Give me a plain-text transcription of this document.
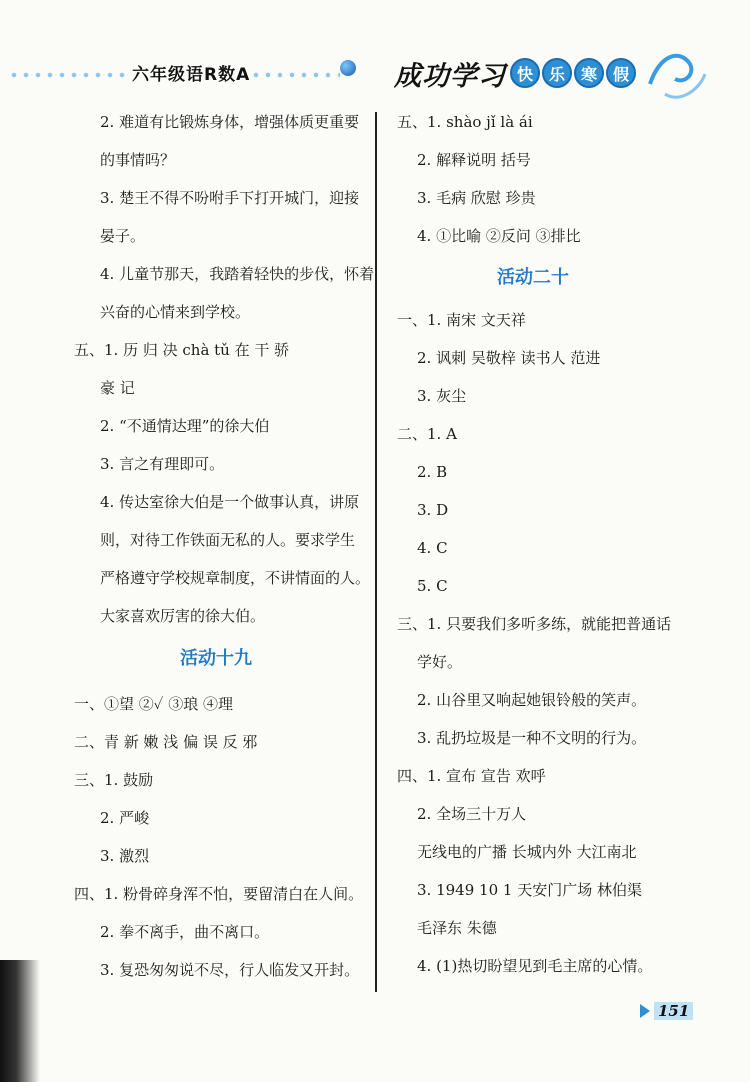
六年级语R数A	成功学习 快 乐 寒 假
2. 难道有比锻炼身体，增强体质更重要
的事情吗？
3. 楚王不得不吩咐手下打开城门，迎接
晏子。
4. 儿童节那天，我踏着轻快的步伐，怀着
兴奋的心情来到学校。
五、1. 历 归 决 chà tǔ 在 干 骄
豪 记
2. “不通情达理”的徐大伯
3. 言之有理即可。
4. 传达室徐大伯是一个做事认真，讲原
则，对待工作铁面无私的人。要求学生
严格遵守学校规章制度，不讲情面的人。
大家喜欢厉害的徐大伯。
活动十九
一、①望 ②✓ ③琅 ④理
二、青 新 嫩 浅 偏 误 反 邪
三、1. 鼓励
2. 严峻
3. 激烈
四、1. 粉骨碎身浑不怕，要留清白在人间。
2. 拳不离手，曲不离口。
3. 复恐匆匆说不尽，行人临发又开封。
五、1. shào jǐ là ái
2. 解释说明 括号
3. 毛病 欣慰 珍贵
4. ①比喻 ②反问 ③排比
活动二十
一、1. 南宋 文天祥
2. 讽刺 吴敬梓 读书人 范进
3. 灰尘
二、1. A
2. B
3. D
4. C
5. C
三、1. 只要我们多听多练，就能把普通话
学好。
2. 山谷里又响起她银铃般的笑声。
3. 乱扔垃圾是一种不文明的行为。
四、1. 宣布 宣告 欢呼
2. 全场三十万人
无线电的广播 长城内外 大江南北
3. 1949 10 1 天安门广场 林伯渠
毛泽东 朱德
4. (1)热切盼望见到毛主席的心情。
151
